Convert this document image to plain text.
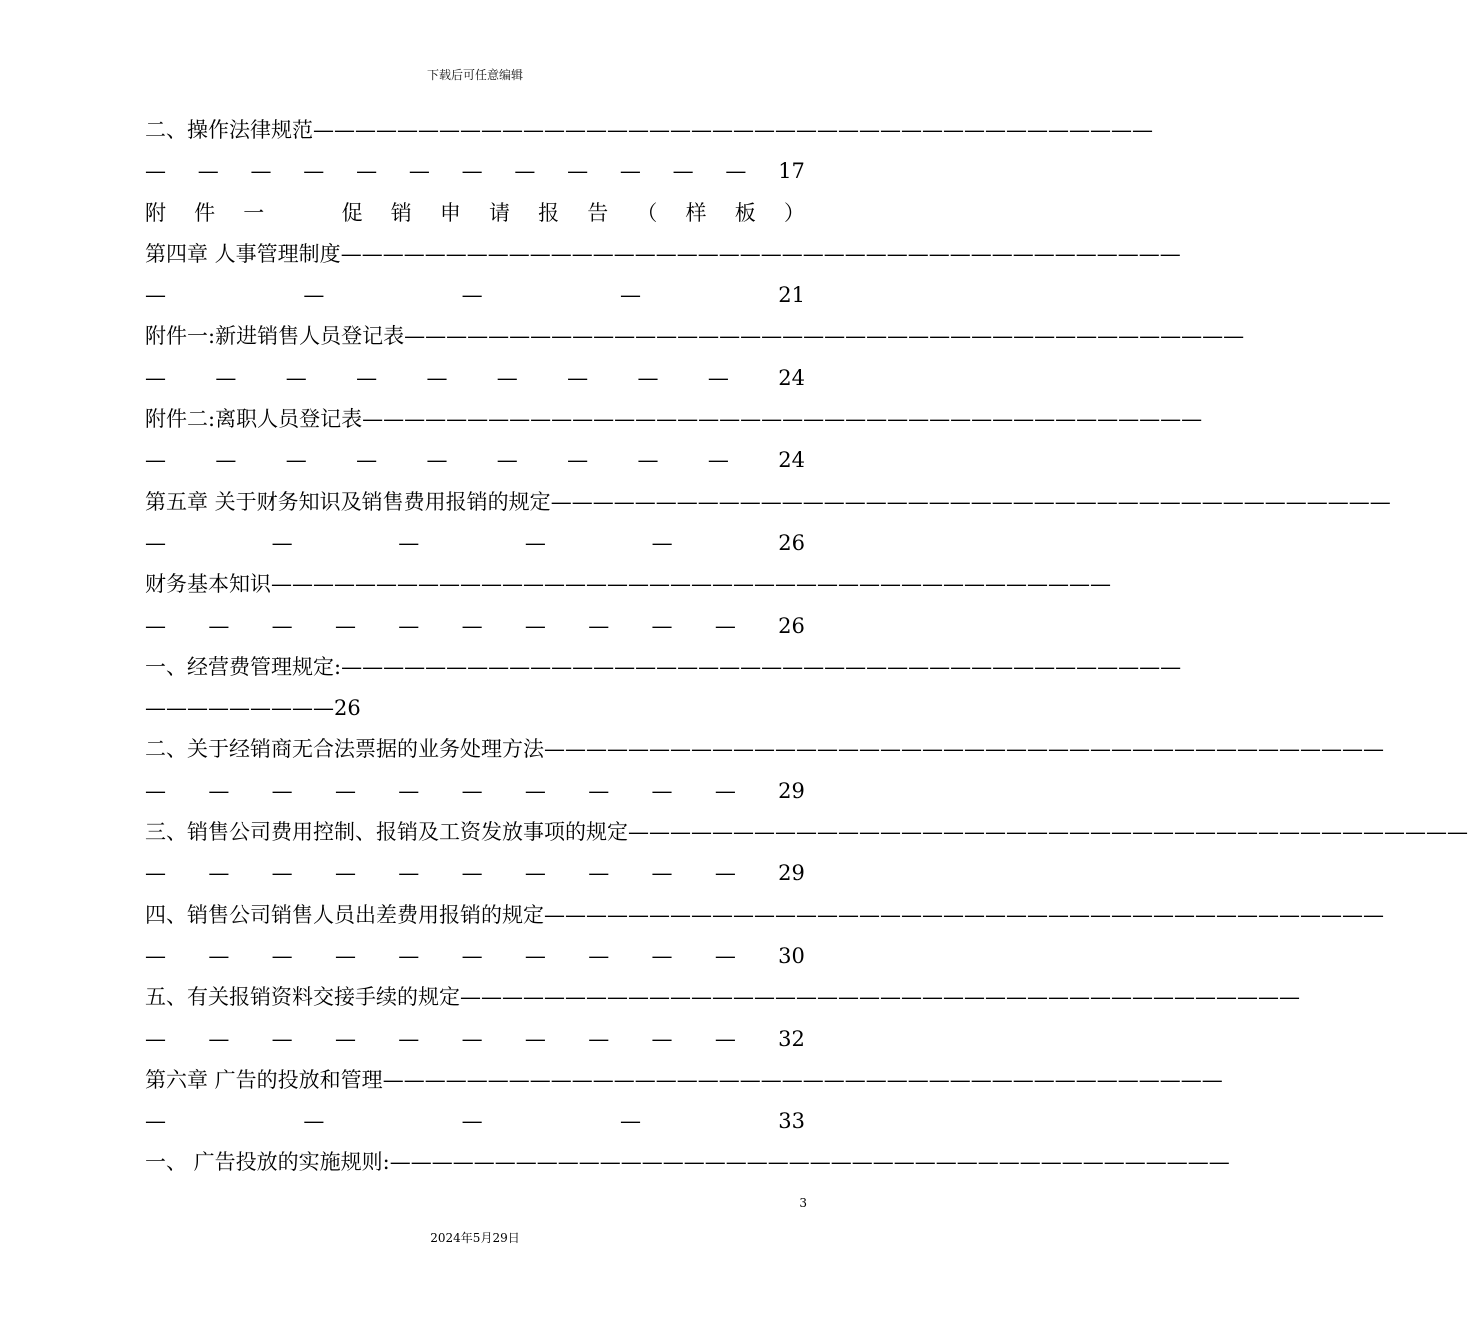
下载后可任意编辑
二、操作法律规范 ————————————————————————————————————————
— — — — — — — — — — — — 17
附 件 一	促 销 申 请 报 告 （ 样 板 ）
第四章 人事管理制度 ————————————————————————————————————————
—	—	—	—	21
附件一:新进销售人员登记表 ————————————————————————————————————————
— — — — — — — — — 24
附件二:离职人员登记表 ————————————————————————————————————————
— — — — — — — — — 24
第五章 关于财务知识及销售费用报销的规定 ————————————————————————————————————————
—	—	—	—	—	26
财务基本知识 ————————————————————————————————————————
— — — — — — — — — — 26
一、经营费管理规定: ————————————————————————————————————————
—————————26
二、关于经销商无合法票据的业务处理方法 ————————————————————————————————————————
— — — — — — — — — — 29
三、销售公司费用控制、报销及工资发放事项的规定 ————————————————————————————————————————
— — — — — — — — — — 29
四、销售公司销售人员出差费用报销的规定 ————————————————————————————————————————
— — — — — — — — — — 30
五、有关报销资料交接手续的规定 ————————————————————————————————————————
— — — — — — — — — — 32
第六章 广告的投放和管理 ————————————————————————————————————————
—	—	—	—	33
一、 广告投放的实施规则: ————————————————————————————————————————
3
2024年5月29日
